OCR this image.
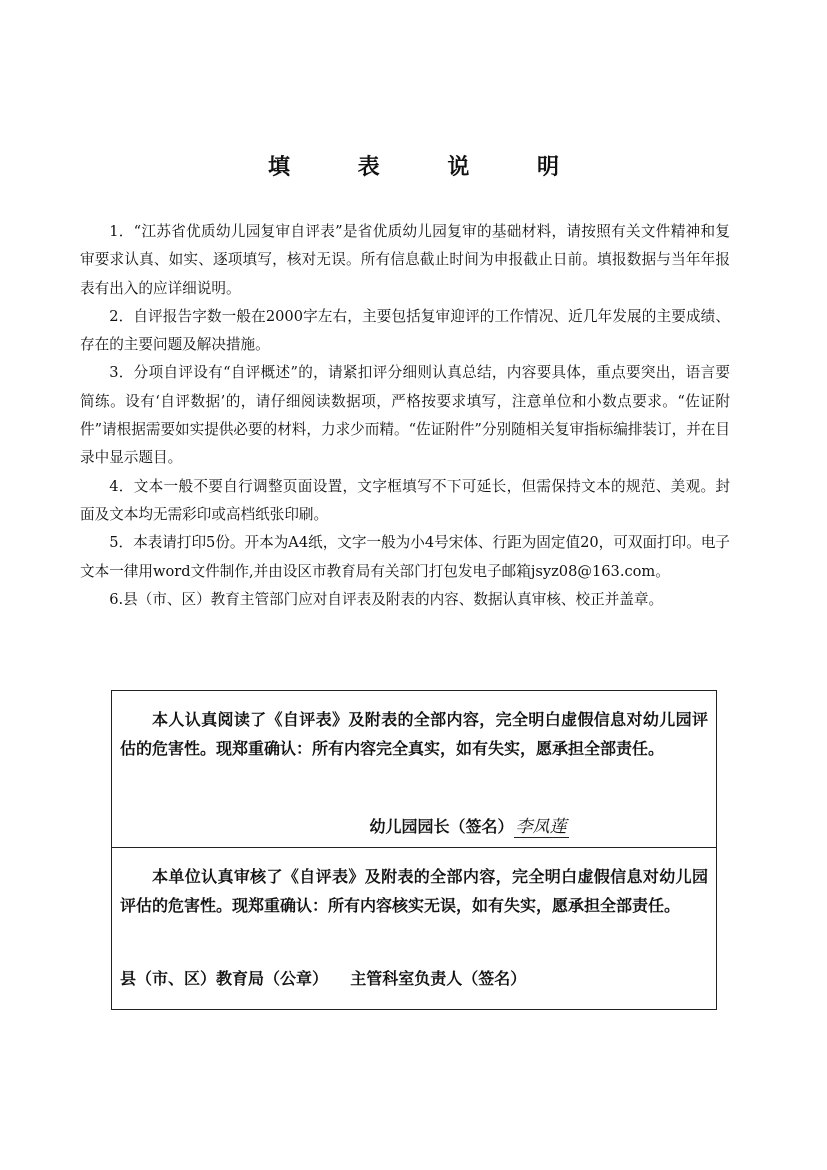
填 表 说 明

1．“江苏省优质幼儿园复审自评表”是省优质幼儿园复审的基础材料，请按照有关文件精神和复审要求认真、如实、逐项填写，核对无误。所有信息截止时间为申报截止日前。填报数据与当年年报表有出入的应详细说明。

2．自评报告字数一般在2000字左右，主要包括复审迎评的工作情况、近几年发展的主要成绩、存在的主要问题及解决措施。

3．分项自评设有“自评概述”的，请紧扣评分细则认真总结，内容要具体，重点要突出，语言要简练。设有‘自评数据’的，请仔细阅读数据项，严格按要求填写，注意单位和小数点要求。“佐证附件”请根据需要如实提供必要的材料，力求少而精。“佐证附件”分别随相关复审指标编排装订，并在目录中显示题目。

4．文本一般不要自行调整页面设置，文字框填写不下可延长，但需保持文本的规范、美观。封面及文本均无需彩印或高档纸张印刷。

5．本表请打印5份。开本为A4纸，文字一般为小4号宋体、行距为固定值20，可双面打印。电子文本一律用word文件制作,并由设区市教育局有关部门打包发电子邮箱jsyz08@163.com。

6.县（市、区）教育主管部门应对自评表及附表的内容、数据认真审核、校正并盖章。

本人认真阅读了《自评表》及附表的全部内容，完全明白虚假信息对幼儿园评估的危害性。现郑重确认：所有内容完全真实，如有失实，愿承担全部责任。

幼儿园园长（签名） 李凤莲

本单位认真审核了《自评表》及附表的全部内容，完全明白虚假信息对幼儿园评估的危害性。现郑重确认：所有内容核实无误，如有失实，愿承担全部责任。

县（市、区）教育局（公章）    主管科室负责人（签名）
